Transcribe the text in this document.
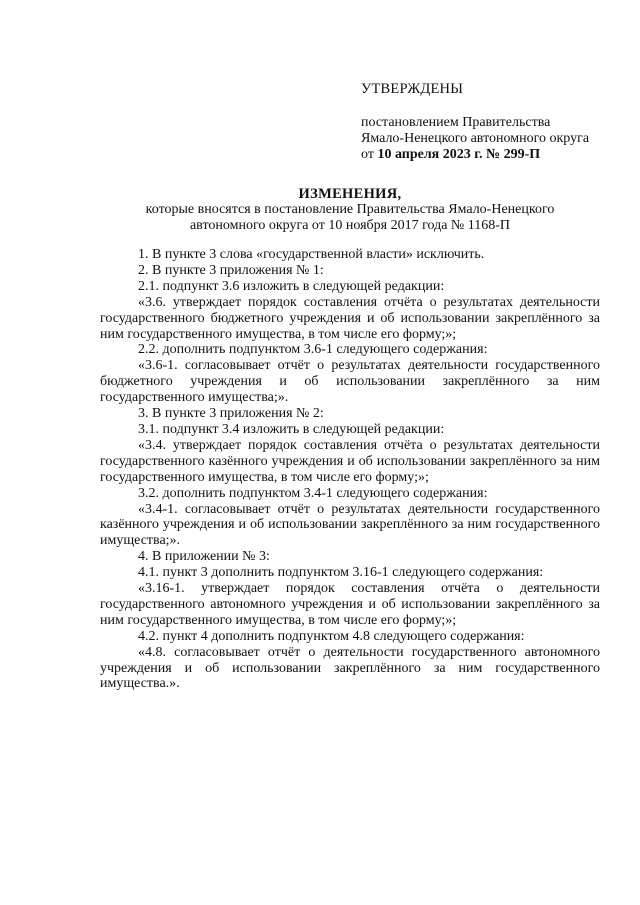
УТВЕРЖДЕНЫ
постановлением Правительства
Ямало-Ненецкого автономного округа
от 10 апреля 2023 г. № 299-П
ИЗМЕНЕНИЯ,
которые вносятся в постановление Правительства Ямало-Ненецкого
автономного округа от 10 ноября 2017 года № 1168-П

1. В пункте 3 слова «государственной власти» исключить.

2. В пункте 3 приложения № 1:

2.1. подпункт 3.6 изложить в следующей редакции:

«3.6. утверждает порядок составления отчёта о результатах деятельности государственного бюджетного учреждения и об использовании закреплённого за ним государственного имущества, в том числе его форму;»;

2.2. дополнить подпунктом 3.6-1 следующего содержания:

«3.6-1. согласовывает отчёт о результатах деятельности государственного бюджетного учреждения и об использовании закреплённого за ним государственного имущества;».

3. В пункте 3 приложения № 2:

3.1. подпункт 3.4 изложить в следующей редакции:

«3.4. утверждает порядок составления отчёта о результатах деятельности государственного казённого учреждения и об использовании закреплённого за ним государственного имущества, в том числе его форму;»;

3.2. дополнить подпунктом 3.4-1 следующего содержания:

«3.4-1. согласовывает отчёт о результатах деятельности государственного казённого учреждения и об использовании закреплённого за ним государственного имущества;».

4. В приложении № 3:

4.1. пункт 3 дополнить подпунктом 3.16-1 следующего содержания:

«3.16-1. утверждает порядок составления отчёта о деятельности государственного автономного учреждения и об использовании закреплённого за ним государственного имущества, в том числе его форму;»;

4.2. пункт 4 дополнить подпунктом 4.8 следующего содержания:

«4.8. согласовывает отчёт о деятельности государственного автономного учреждения и об использовании закреплённого за ним государственного имущества.».
